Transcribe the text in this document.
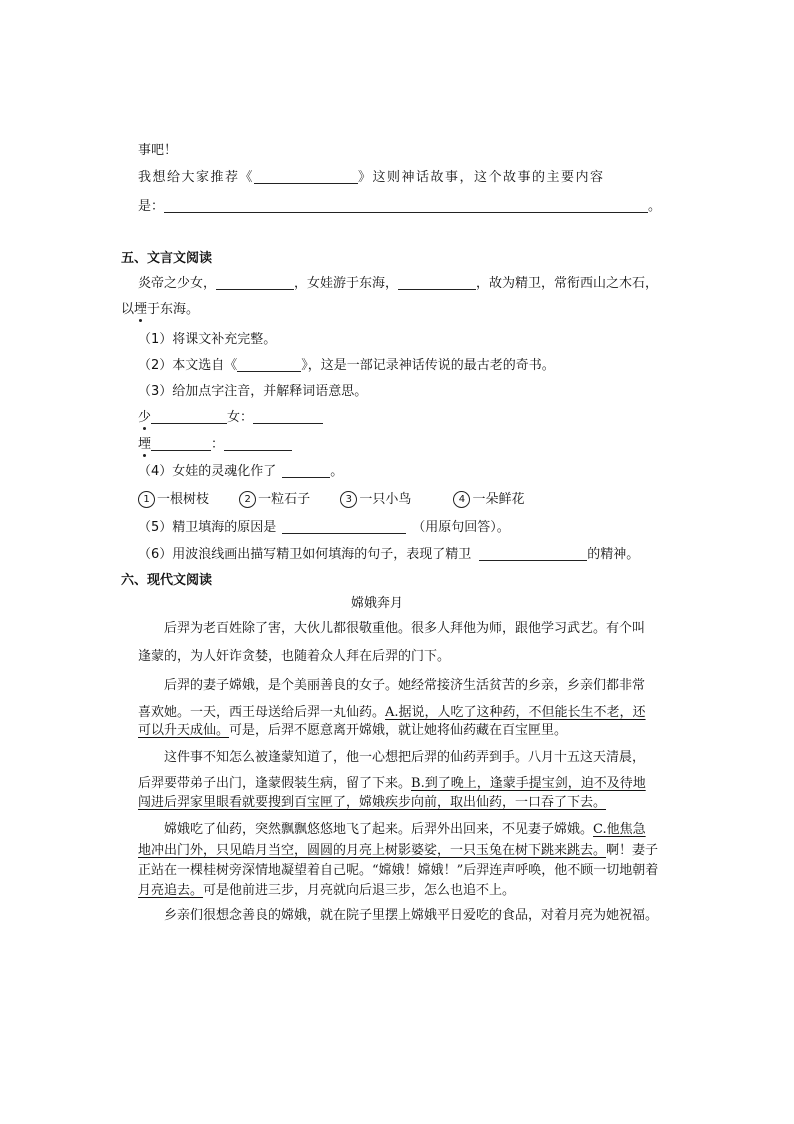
事吧！
我想给大家推荐《	》这则神话故事，这个故事的主要内容
是：	。
五、文言文阅读
炎帝之少女，	，女娃游于东海，	，故为精卫，常衔西山之木石，
以堙于东海。
（1）将课文补充完整。
（2）本文选自《	》，这是一部记录神话传说的最古老的奇书。
（3）给加点字注音，并解释词语意思。
少	女：
堙	：
（4）女娃的灵魂化作了	。
1 一根树枝	2 一粒石子	3 一只小鸟	4 一朵鲜花
（5）精卫填海的原因是	（用原句回答）。
（6）用波浪线画出描写精卫如何填海的句子，表现了精卫	的精神。
六、现代文阅读
嫦娥奔月
后羿为老百姓除了害，大伙儿都很敬重他。很多人拜他为师，跟他学习武艺。有个叫
逢蒙的，为人奸诈贪婪，也随着众人拜在后羿的门下。
后羿的妻子嫦娥，是个美丽善良的女子。她经常接济生活贫苦的乡亲，乡亲们都非常
喜欢她。一天，西王母送给后羿一丸仙药。A.据说，人吃了这种药，不但能长生不老，还
可以升天成仙。可是，后羿不愿意离开嫦娥，就让她将仙药藏在百宝匣里。
这件事不知怎么被逢蒙知道了，他一心想把后羿的仙药弄到手。八月十五这天清晨，
后羿要带弟子出门，逢蒙假装生病，留了下来。B.到了晚上，逢蒙手提宝剑，迫不及待地
闯进后羿家里眼看就要搜到百宝匣了，嫦娥疾步向前，取出仙药，一口吞了下去。
嫦娥吃了仙药，突然飘飘悠悠地飞了起来。后羿外出回来，不见妻子嫦娥。C.他焦急
地冲出门外，只见皓月当空，圆圆的月亮上树影婆娑，一只玉兔在树下跳来跳去。啊！妻子
正站在一棵桂树旁深情地凝望着自己呢。“嫦娥！嫦娥！”后羿连声呼唤，他不顾一切地朝着
月亮追去。可是他前进三步，月亮就向后退三步，怎么也追不上。
乡亲们很想念善良的嫦娥，就在院子里摆上嫦娥平日爱吃的食品，对着月亮为她祝福。
